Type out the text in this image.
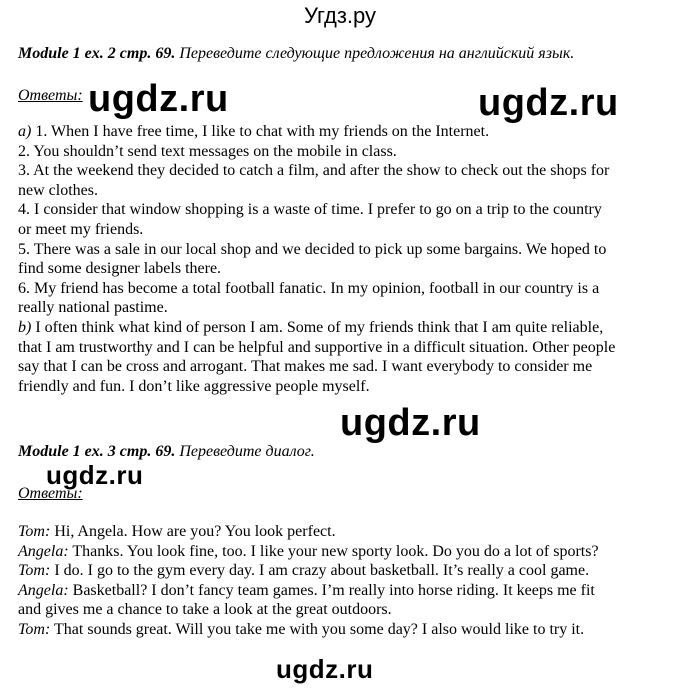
Угдз.ру
Module 1 ex. 2 стр. 69. Переведите следующие предложения на английский язык.
Ответы:
a) 1. When I have free time, I like to chat with my friends on the Internet.
2. You shouldn’t send text messages on the mobile in class.
3. At the weekend they decided to catch a film, and after the show to check out the shops for
new clothes.
4. I consider that window shopping is a waste of time. I prefer to go on a trip to the country
or meet my friends.
5. There was a sale in our local shop and we decided to pick up some bargains. We hoped to
find some designer labels there.
6. My friend has become a total football fanatic. In my opinion, football in our country is a
really national pastime.
b) I often think what kind of person I am. Some of my friends think that I am quite reliable,
that I am trustworthy and I can be helpful and supportive in a difficult situation. Other people
say that I can be cross and arrogant. That makes me sad. I want everybody to consider me
friendly and fun. I don’t like aggressive people myself.
Module 1 ex. 3 стр. 69. Переведите диалог.
Ответы:
Tom: Hi, Angela. How are you? You look perfect.
Angela: Thanks. You look fine, too. I like your new sporty look. Do you do a lot of sports?
Tom: I do. I go to the gym every day. I am crazy about basketball. It’s really a cool game.
Angela: Basketball? I don’t fancy team games. I’m really into horse riding. It keeps me fit
and gives me a chance to take a look at the great outdoors.
Tom: That sounds great. Will you take me with you some day? I also would like to try it.
ugdz.ru	ugdz.ru
ugdz.ru
ugdz.ru
ugdz.ru
